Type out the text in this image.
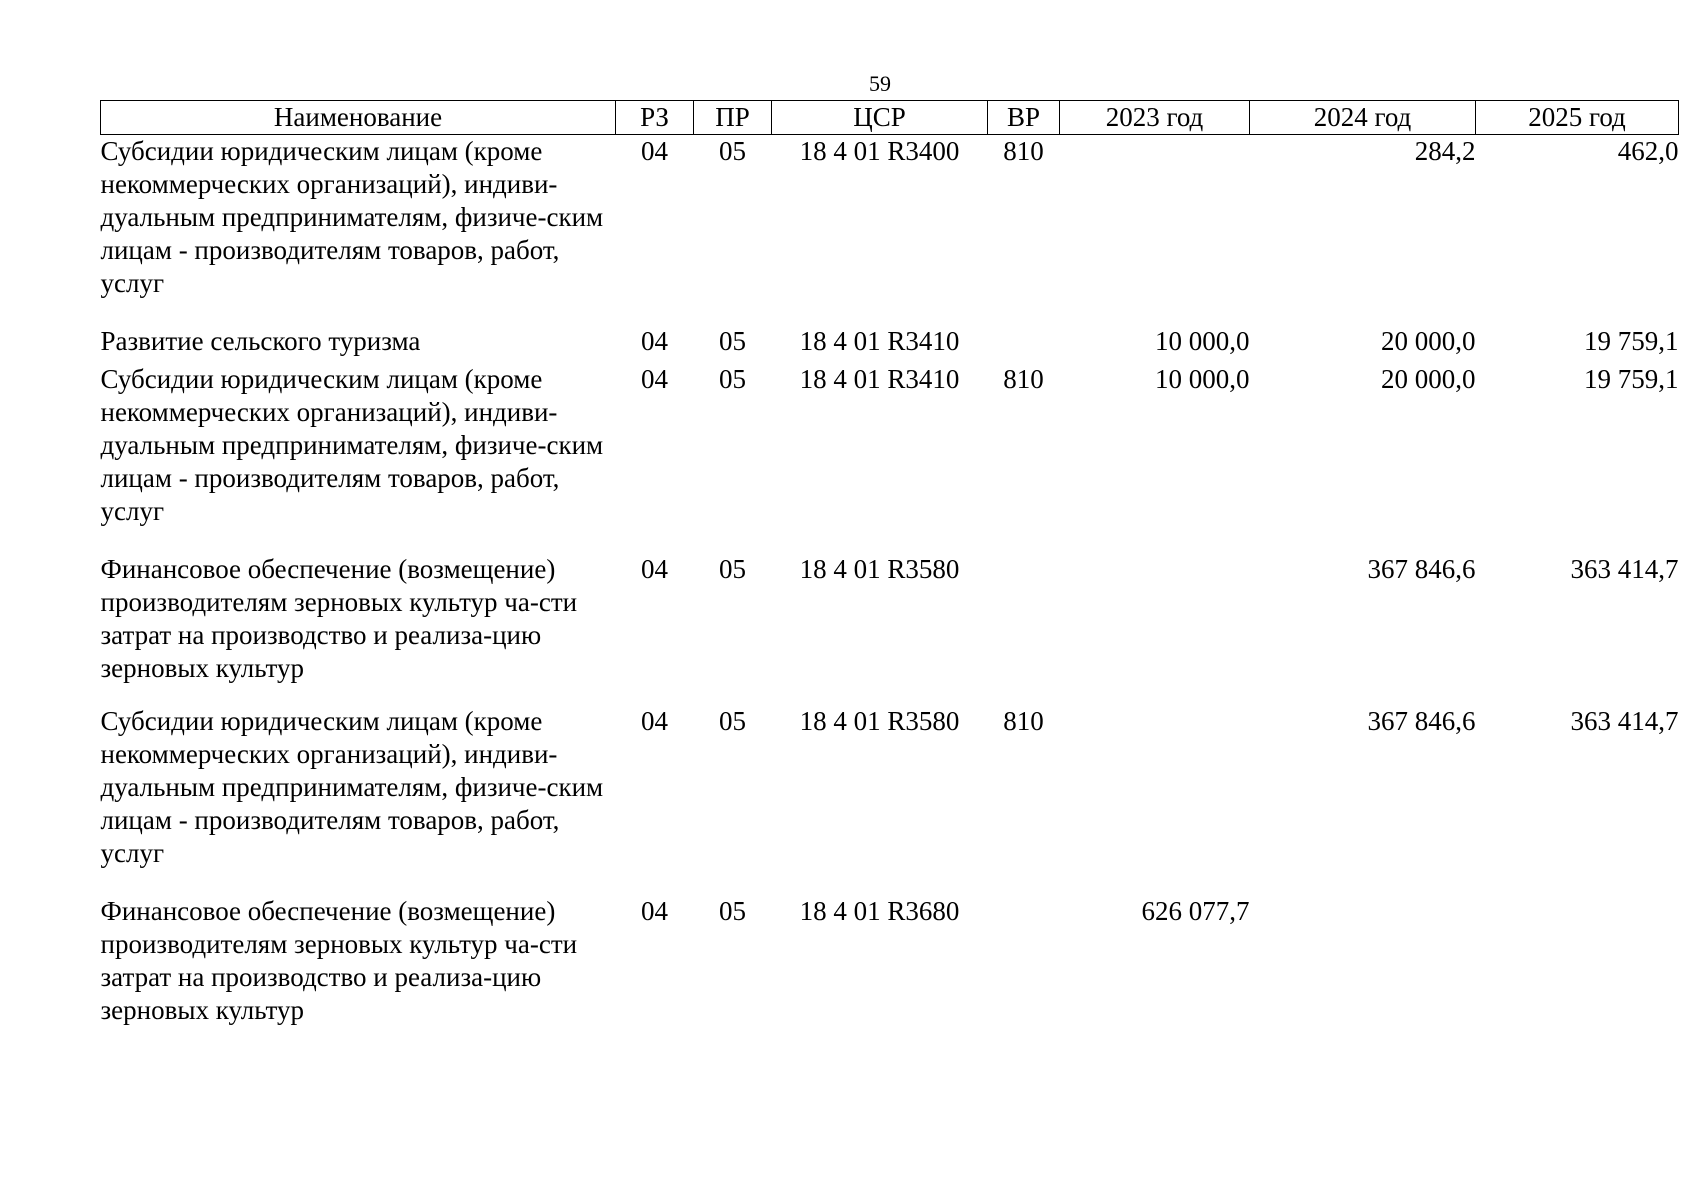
59
Наименование	РЗ	ПР	ЦСР	ВР	2023 год	2024 год	2025 год
Субсидии юридическим лицам (кроме некоммерческих организаций), индиви-дуальным предпринимателям, физиче-ским лицам - производителям товаров, работ, услуг	04	05	18 4 01 R3400	810		284,2	462,0
Развитие сельского туризма	04	05	18 4 01 R3410		10 000,0	20 000,0	19 759,1
Субсидии юридическим лицам (кроме некоммерческих организаций), индиви-дуальным предпринимателям, физиче-ским лицам - производителям товаров, работ, услуг	04	05	18 4 01 R3410	810	10 000,0	20 000,0	19 759,1
Финансовое обеспечение (возмещение) производителям зерновых культур ча-сти затрат на производство и реализа-цию зерновых культур	04	05	18 4 01 R3580			367 846,6	363 414,7
Субсидии юридическим лицам (кроме некоммерческих организаций), индиви-дуальным предпринимателям, физиче-ским лицам - производителям товаров, работ, услуг	04	05	18 4 01 R3580	810		367 846,6	363 414,7
Финансовое обеспечение (возмещение) производителям зерновых культур ча-сти затрат на производство и реализа-цию зерновых культур	04	05	18 4 01 R3680		626 077,7		
